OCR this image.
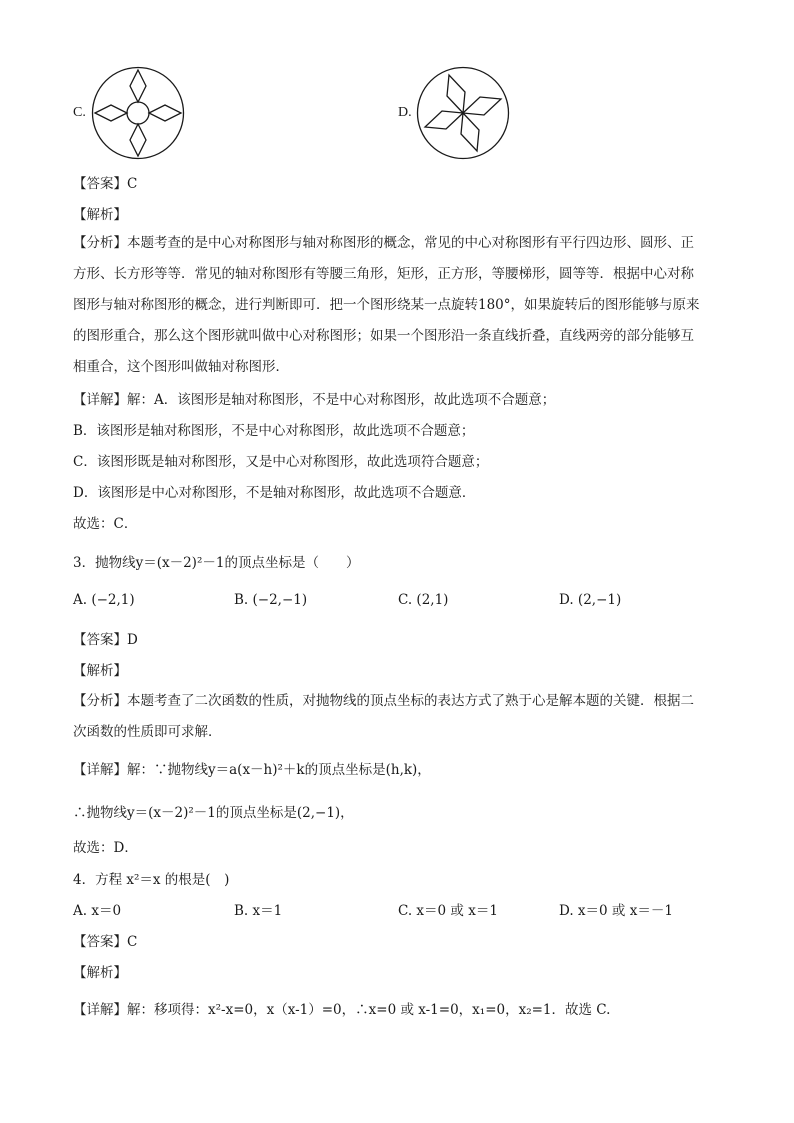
C.	D.
【答案】C
【解析】
【分析】本题考查的是中心对称图形与轴对称图形的概念，常见的中心对称图形有平行四边形、圆形、正
方形、长方形等等．常见的轴对称图形有等腰三角形，矩形，正方形，等腰梯形，圆等等．根据中心对称
图形与轴对称图形的概念，进行判断即可．把一个图形绕某一点旋转180°，如果旋转后的图形能够与原来
的图形重合，那么这个图形就叫做中心对称图形；如果一个图形沿一条直线折叠，直线两旁的部分能够互
相重合，这个图形叫做轴对称图形．
【详解】解：A．该图形是轴对称图形，不是中心对称图形，故此选项不合题意；
B．该图形是轴对称图形，不是中心对称图形，故此选项不合题意；
C．该图形既是轴对称图形，又是中心对称图形，故此选项符合题意；
D．该图形是中心对称图形，不是轴对称图形，故此选项不合题意．
故选：C．
3．抛物线y＝(x－2)²－1的顶点坐标是（　　）
A. (−2,1)	B. (−2,−1)	C. (2,1)	D. (2,−1)
【答案】D
【解析】
【分析】本题考查了二次函数的性质，对抛物线的顶点坐标的表达方式了熟于心是解本题的关键．根据二
次函数的性质即可求解．
【详解】解：∵抛物线y＝a(x－h)²＋k的顶点坐标是(h,k)，
∴抛物线y＝(x－2)²－1的顶点坐标是(2,−1)，
故选：D．
4．方程 x²＝x 的根是(　)
A. x＝0	B. x＝1	C. x＝0 或 x＝1	D. x＝0 或 x＝－1
【答案】C
【解析】
【详解】解：移项得：x²-x=0，x（x-1）=0，∴x=0 或 x-1=0，x₁=0，x₂=1．故选 C.
